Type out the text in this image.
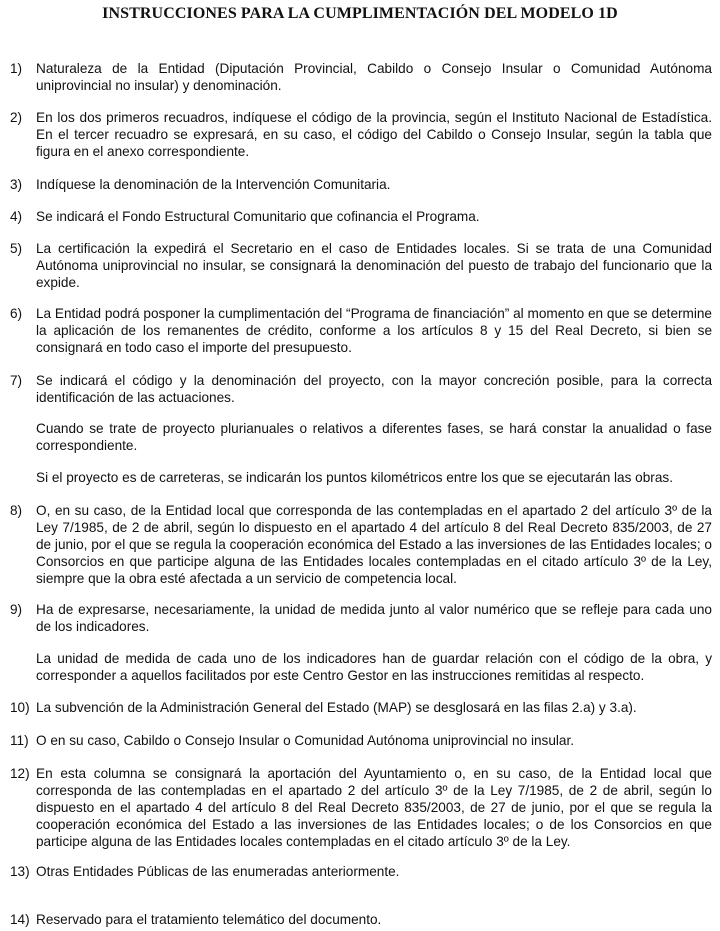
INSTRUCCIONES PARA LA CUMPLIMENTACIÓN DEL MODELO 1D
1)	Naturaleza de la Entidad (Diputación Provincial, Cabildo o Consejo Insular o Comunidad Autónoma uniprovincial no insular) y denominación.
2)	En los dos primeros recuadros, indíquese el código de la provincia, según el Instituto Nacional de Estadística. En el tercer recuadro se expresará, en su caso, el código del Cabildo o Consejo Insular, según la tabla que figura en el anexo correspondiente.
3)	Indíquese la denominación de la Intervención Comunitaria.
4)	Se indicará el Fondo Estructural Comunitario que cofinancia el Programa.
5)	La certificación la expedirá el Secretario en el caso de Entidades locales. Si se trata de una Comunidad Autónoma uniprovincial no insular, se consignará la denominación del puesto de trabajo del funcionario que la expide.
6)	La Entidad podrá posponer la cumplimentación del “Programa de financiación” al momento en que se determine la aplicación de los remanentes de crédito, conforme a los artículos 8 y 15 del Real Decreto, si bien se consignará en todo caso el importe del presupuesto.
7)	Se indicará el código y la denominación del proyecto, con la mayor concreción posible, para la correcta identificación de las actuaciones.
Cuando se trate de proyecto plurianuales o relativos a diferentes fases, se hará constar la anualidad o fase correspondiente.
Si el proyecto es de carreteras, se indicarán los puntos kilométricos entre los que se ejecutarán las obras.
8)	O, en su caso, de la Entidad local que corresponda de las contempladas en el apartado 2 del artículo 3º de la Ley 7/1985, de 2 de abril, según lo dispuesto en el apartado 4 del artículo 8 del Real Decreto 835/2003, de 27 de junio, por el que se regula la cooperación económica del Estado a las inversiones de las Entidades locales; o Consorcios en que participe alguna de las Entidades locales contempladas en el citado artículo 3º de la Ley, siempre que la obra esté afectada a un servicio de competencia local.
9)	Ha de expresarse, necesariamente, la unidad de medida junto al valor numérico que se refleje para cada uno de los indicadores.
La unidad de medida de cada uno de los indicadores han de guardar relación con el código de la obra, y corresponder a aquellos facilitados por este Centro Gestor en las instrucciones remitidas al respecto.
10) La subvención de la Administración General del Estado (MAP) se desglosará en las filas 2.a) y 3.a).
11) O en su caso, Cabildo o Consejo Insular o Comunidad Autónoma uniprovincial no insular.
12) En esta columna se consignará la aportación del Ayuntamiento o, en su caso, de la Entidad local que corresponda de las contempladas en el apartado 2 del artículo 3º de la Ley 7/1985, de 2 de abril, según lo dispuesto en el apartado 4 del artículo 8 del Real Decreto 835/2003, de 27 de junio, por el que se regula la cooperación económica del Estado a las inversiones de las Entidades locales; o de los Consorcios en que participe alguna de las Entidades locales contempladas en el citado artículo 3º de la Ley.
13) Otras Entidades Públicas de las enumeradas anteriormente.
14) Reservado para el tratamiento telemático del documento.
